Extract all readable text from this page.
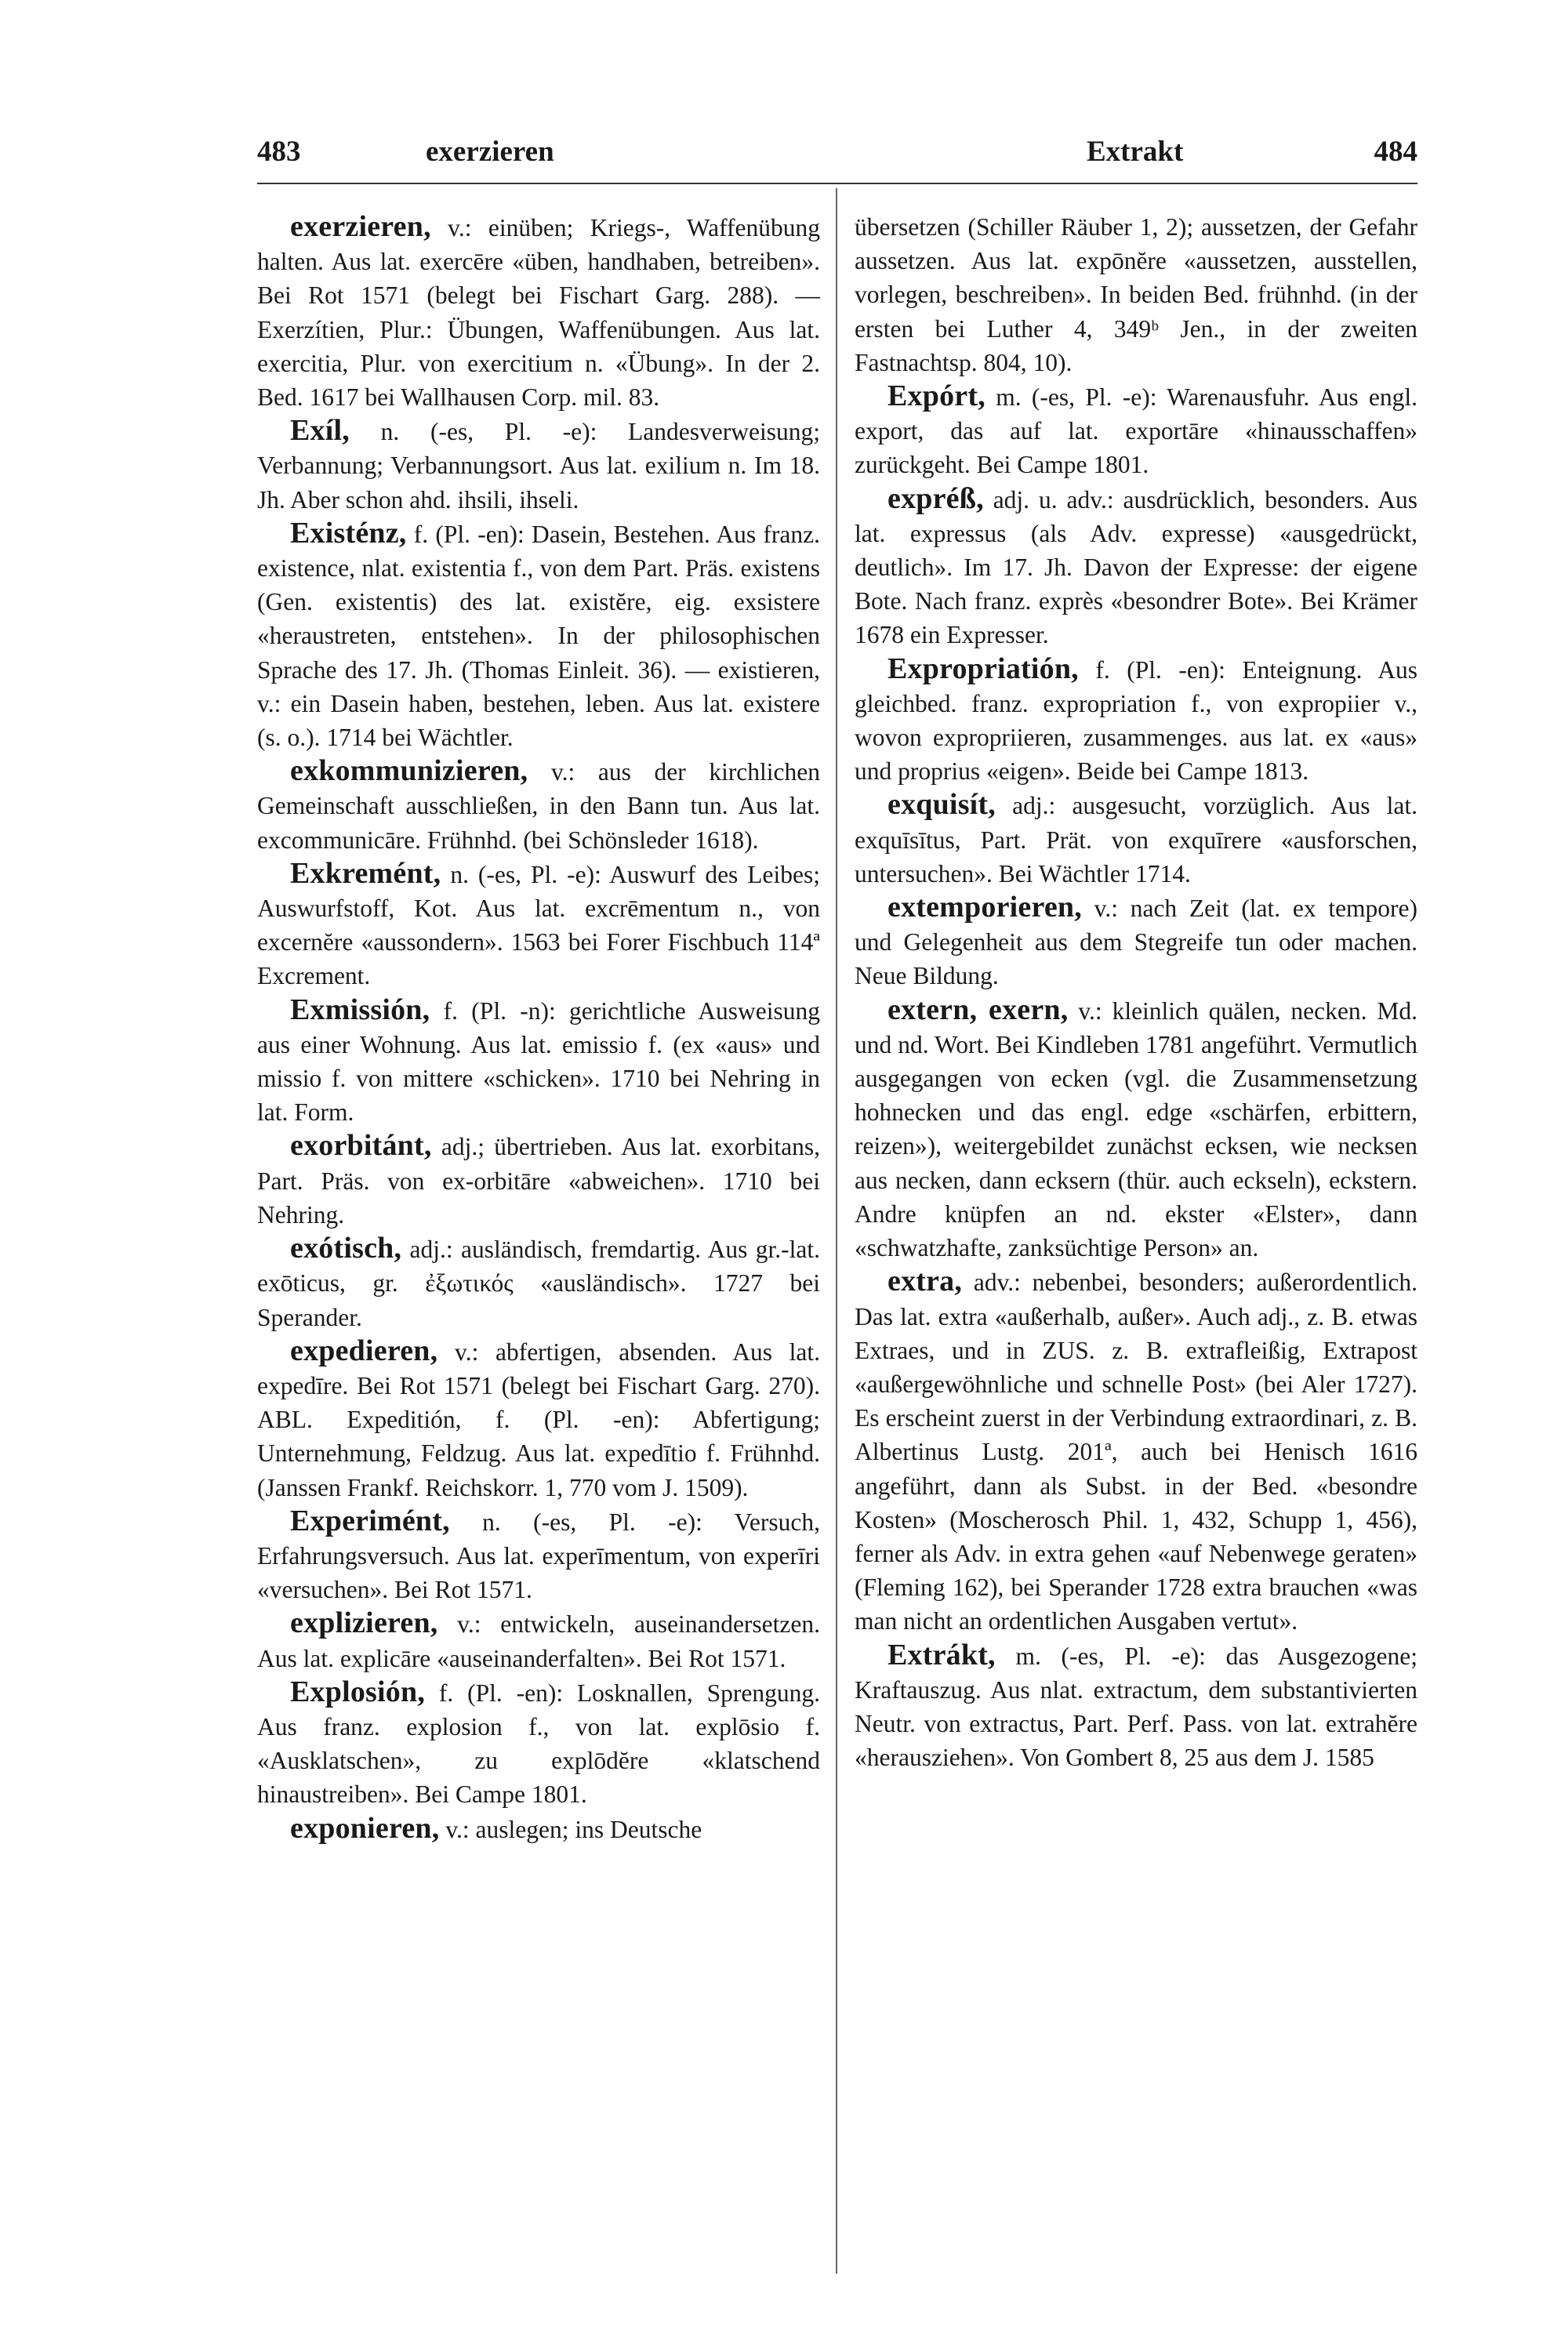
483	exerzieren	Extrakt	484

exerzieren, v.: einüben; Kriegs-, Waffenübung halten. Aus lat. exercēre «üben, handhaben, betreiben». Bei Rot 1571 (belegt bei Fischart Garg. 288). — Exerzítien, Plur.: Übungen, Waffenübungen. Aus lat. exercitia, Plur. von exercitium n. «Übung». In der 2. Bed. 1617 bei Wallhausen Corp. mil. 83.

Exíl, n. (-es, Pl. -e): Landesverweisung; Verbannung; Verbannungsort. Aus lat. exilium n. Im 18. Jh. Aber schon ahd. ihsili, ihseli.

Existénz, f. (Pl. -en): Dasein, Bestehen. Aus franz. existence, nlat. existentia f., von dem Part. Präs. existens (Gen. existentis) des lat. existĕre, eig. exsistere «heraustreten, entstehen». In der philosophischen Sprache des 17. Jh. (Thomas Einleit. 36). — existieren, v.: ein Dasein haben, bestehen, leben. Aus lat. existere (s. o.). 1714 bei Wächtler.

exkommunizieren, v.: aus der kirchlichen Gemeinschaft ausschließen, in den Bann tun. Aus lat. excommunicāre. Frühnhd. (bei Schönsleder 1618).

Exkremént, n. (-es, Pl. -e): Auswurf des Leibes; Auswurfstoff, Kot. Aus lat. excrēmentum n., von excernĕre «aussondern». 1563 bei Forer Fischbuch 114ª Excrement.

Exmissión, f. (Pl. -n): gerichtliche Ausweisung aus einer Wohnung. Aus lat. emissio f. (ex «aus» und missio f. von mittere «schicken». 1710 bei Nehring in lat. Form.

exorbitánt, adj.; übertrieben. Aus lat. exorbitans, Part. Präs. von ex-orbitāre «abweichen». 1710 bei Nehring.

exótisch, adj.: ausländisch, fremdartig. Aus gr.-lat. exōticus, gr. ἐξωτικός «ausländisch». 1727 bei Sperander.

expedieren, v.: abfertigen, absenden. Aus lat. expedīre. Bei Rot 1571 (belegt bei Fischart Garg. 270). ABL. Expeditión, f. (Pl. -en): Abfertigung; Unternehmung, Feldzug. Aus lat. expedītio f. Frühnhd. (Janssen Frankf. Reichskorr. 1, 770 vom J. 1509).

Experimént, n. (-es, Pl. -e): Versuch, Erfahrungsversuch. Aus lat. experīmentum, von experīri «versuchen». Bei Rot 1571.

explizieren, v.: entwickeln, auseinandersetzen. Aus lat. explicāre «auseinanderfalten». Bei Rot 1571.

Explosión, f. (Pl. -en): Losknallen, Sprengung. Aus franz. explosion f., von lat. explōsio f. «Ausklatschen», zu explōdĕre «klatschend hinaustreiben». Bei Campe 1801.

exponieren, v.: auslegen; ins Deutsche

übersetzen (Schiller Räuber 1, 2); aussetzen, der Gefahr aussetzen. Aus lat. expōnĕre «aussetzen, ausstellen, vorlegen, beschreiben». In beiden Bed. frühnhd. (in der ersten bei Luther 4, 349ᵇ Jen., in der zweiten Fastnachtsp. 804, 10).

Expórt, m. (-es, Pl. -e): Warenausfuhr. Aus engl. export, das auf lat. exportāre «hinausschaffen» zurückgeht. Bei Campe 1801.

expréß, adj. u. adv.: ausdrücklich, besonders. Aus lat. expressus (als Adv. expresse) «ausgedrückt, deutlich». Im 17. Jh. Davon der Expresse: der eigene Bote. Nach franz. exprès «besondrer Bote». Bei Krämer 1678 ein Expresser.

Expropriatión, f. (Pl. -en): Enteignung. Aus gleichbed. franz. expropriation f., von expropiier v., wovon expropriieren, zusammenges. aus lat. ex «aus» und proprius «eigen». Beide bei Campe 1813.

exquisít, adj.: ausgesucht, vorzüglich. Aus lat. exquīsītus, Part. Prät. von exquīrere «ausforschen, untersuchen». Bei Wächtler 1714.

extemporieren, v.: nach Zeit (lat. ex tempore) und Gelegenheit aus dem Stegreife tun oder machen. Neue Bildung.

extern, exern, v.: kleinlich quälen, necken. Md. und nd. Wort. Bei Kindleben 1781 angeführt. Vermutlich ausgegangen von ecken (vgl. die Zusammensetzung hohnecken und das engl. edge «schärfen, erbittern, reizen»), weitergebildet zunächst ecksen, wie necksen aus necken, dann ecksern (thür. auch eckseln), eckstern. Andre knüpfen an nd. ekster «Elster», dann «schwatzhafte, zanksüchtige Person» an.

extra, adv.: nebenbei, besonders; außerordentlich. Das lat. extra «außerhalb, außer». Auch adj., z. B. etwas Extraes, und in ZUS. z. B. extrafleißig, Extrapost «außergewöhnliche und schnelle Post» (bei Aler 1727). Es erscheint zuerst in der Verbindung extraordinari, z. B. Albertinus Lustg. 201ª, auch bei Henisch 1616 angeführt, dann als Subst. in der Bed. «besondre Kosten» (Moscherosch Phil. 1, 432, Schupp 1, 456), ferner als Adv. in extra gehen «auf Nebenwege geraten» (Fleming 162), bei Sperander 1728 extra brauchen «was man nicht an ordentlichen Ausgaben vertut».

Extrákt, m. (-es, Pl. -e): das Ausgezogene; Kraftauszug. Aus nlat. extractum, dem substantivierten Neutr. von extractus, Part. Perf. Pass. von lat. extrahĕre «herausziehen». Von Gombert 8, 25 aus dem J. 1585
